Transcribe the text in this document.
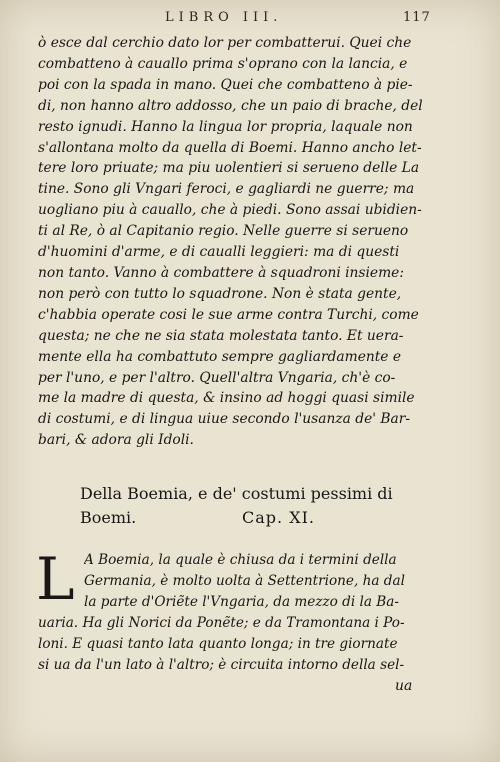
LIBRO III.	117
ò esce dal cerchio dato lor per combatterui. Quei che
combatteno à cauallo prima s'oprano con la lancia, e
poi con la spada in mano. Quei che combatteno à pie-
di, non hanno altro addosso, che un paio di brache, del
resto ignudi. Hanno la lingua lor propria, laquale non
s'allontana molto da quella di Boemi. Hanno ancho let-
tere loro priuate; ma piu uolentieri si serueno delle La
tine. Sono gli Vngari feroci, e gagliardi ne guerre; ma
uogliano piu à cauallo, che à piedi. Sono assai ubidien-
ti al Re, ò al Capitanio regio. Nelle guerre si serueno
d'huomini d'arme, e di caualli leggieri: ma di questi
non tanto. Vanno à combattere à squadroni insieme:
non però con tutto lo squadrone. Non è stata gente,
c'habbia operate cosi le sue arme contra Turchi, come
questa; ne che ne sia stata molestata tanto. Et uera-
mente ella ha combattuto sempre gagliardamente e
per l'uno, e per l'altro. Quell'altra Vngaria, ch'è co-
me la madre di questa, & insino ad hoggi quasi simile
di costumi, e di lingua uiue secondo l'usanza de' Bar-
bari, & adora gli Idoli.
Della Boemia, e de' costumi pessimi di
Boemi.	Cap. XI.
L A Boemia, la quale è chiusa da i termini della
Germania, è molto uolta à Settentrione, ha dal
la parte d'Oriẽte l'Vngaria, da mezzo di la Ba-
uaria. Ha gli Norici da Ponẽte; e da Tramontana i Po-
loni. E quasi tanto lata quanto longa; in tre giornate
si ua da l'un lato à l'altro; è circuita intorno della sel-
ua
